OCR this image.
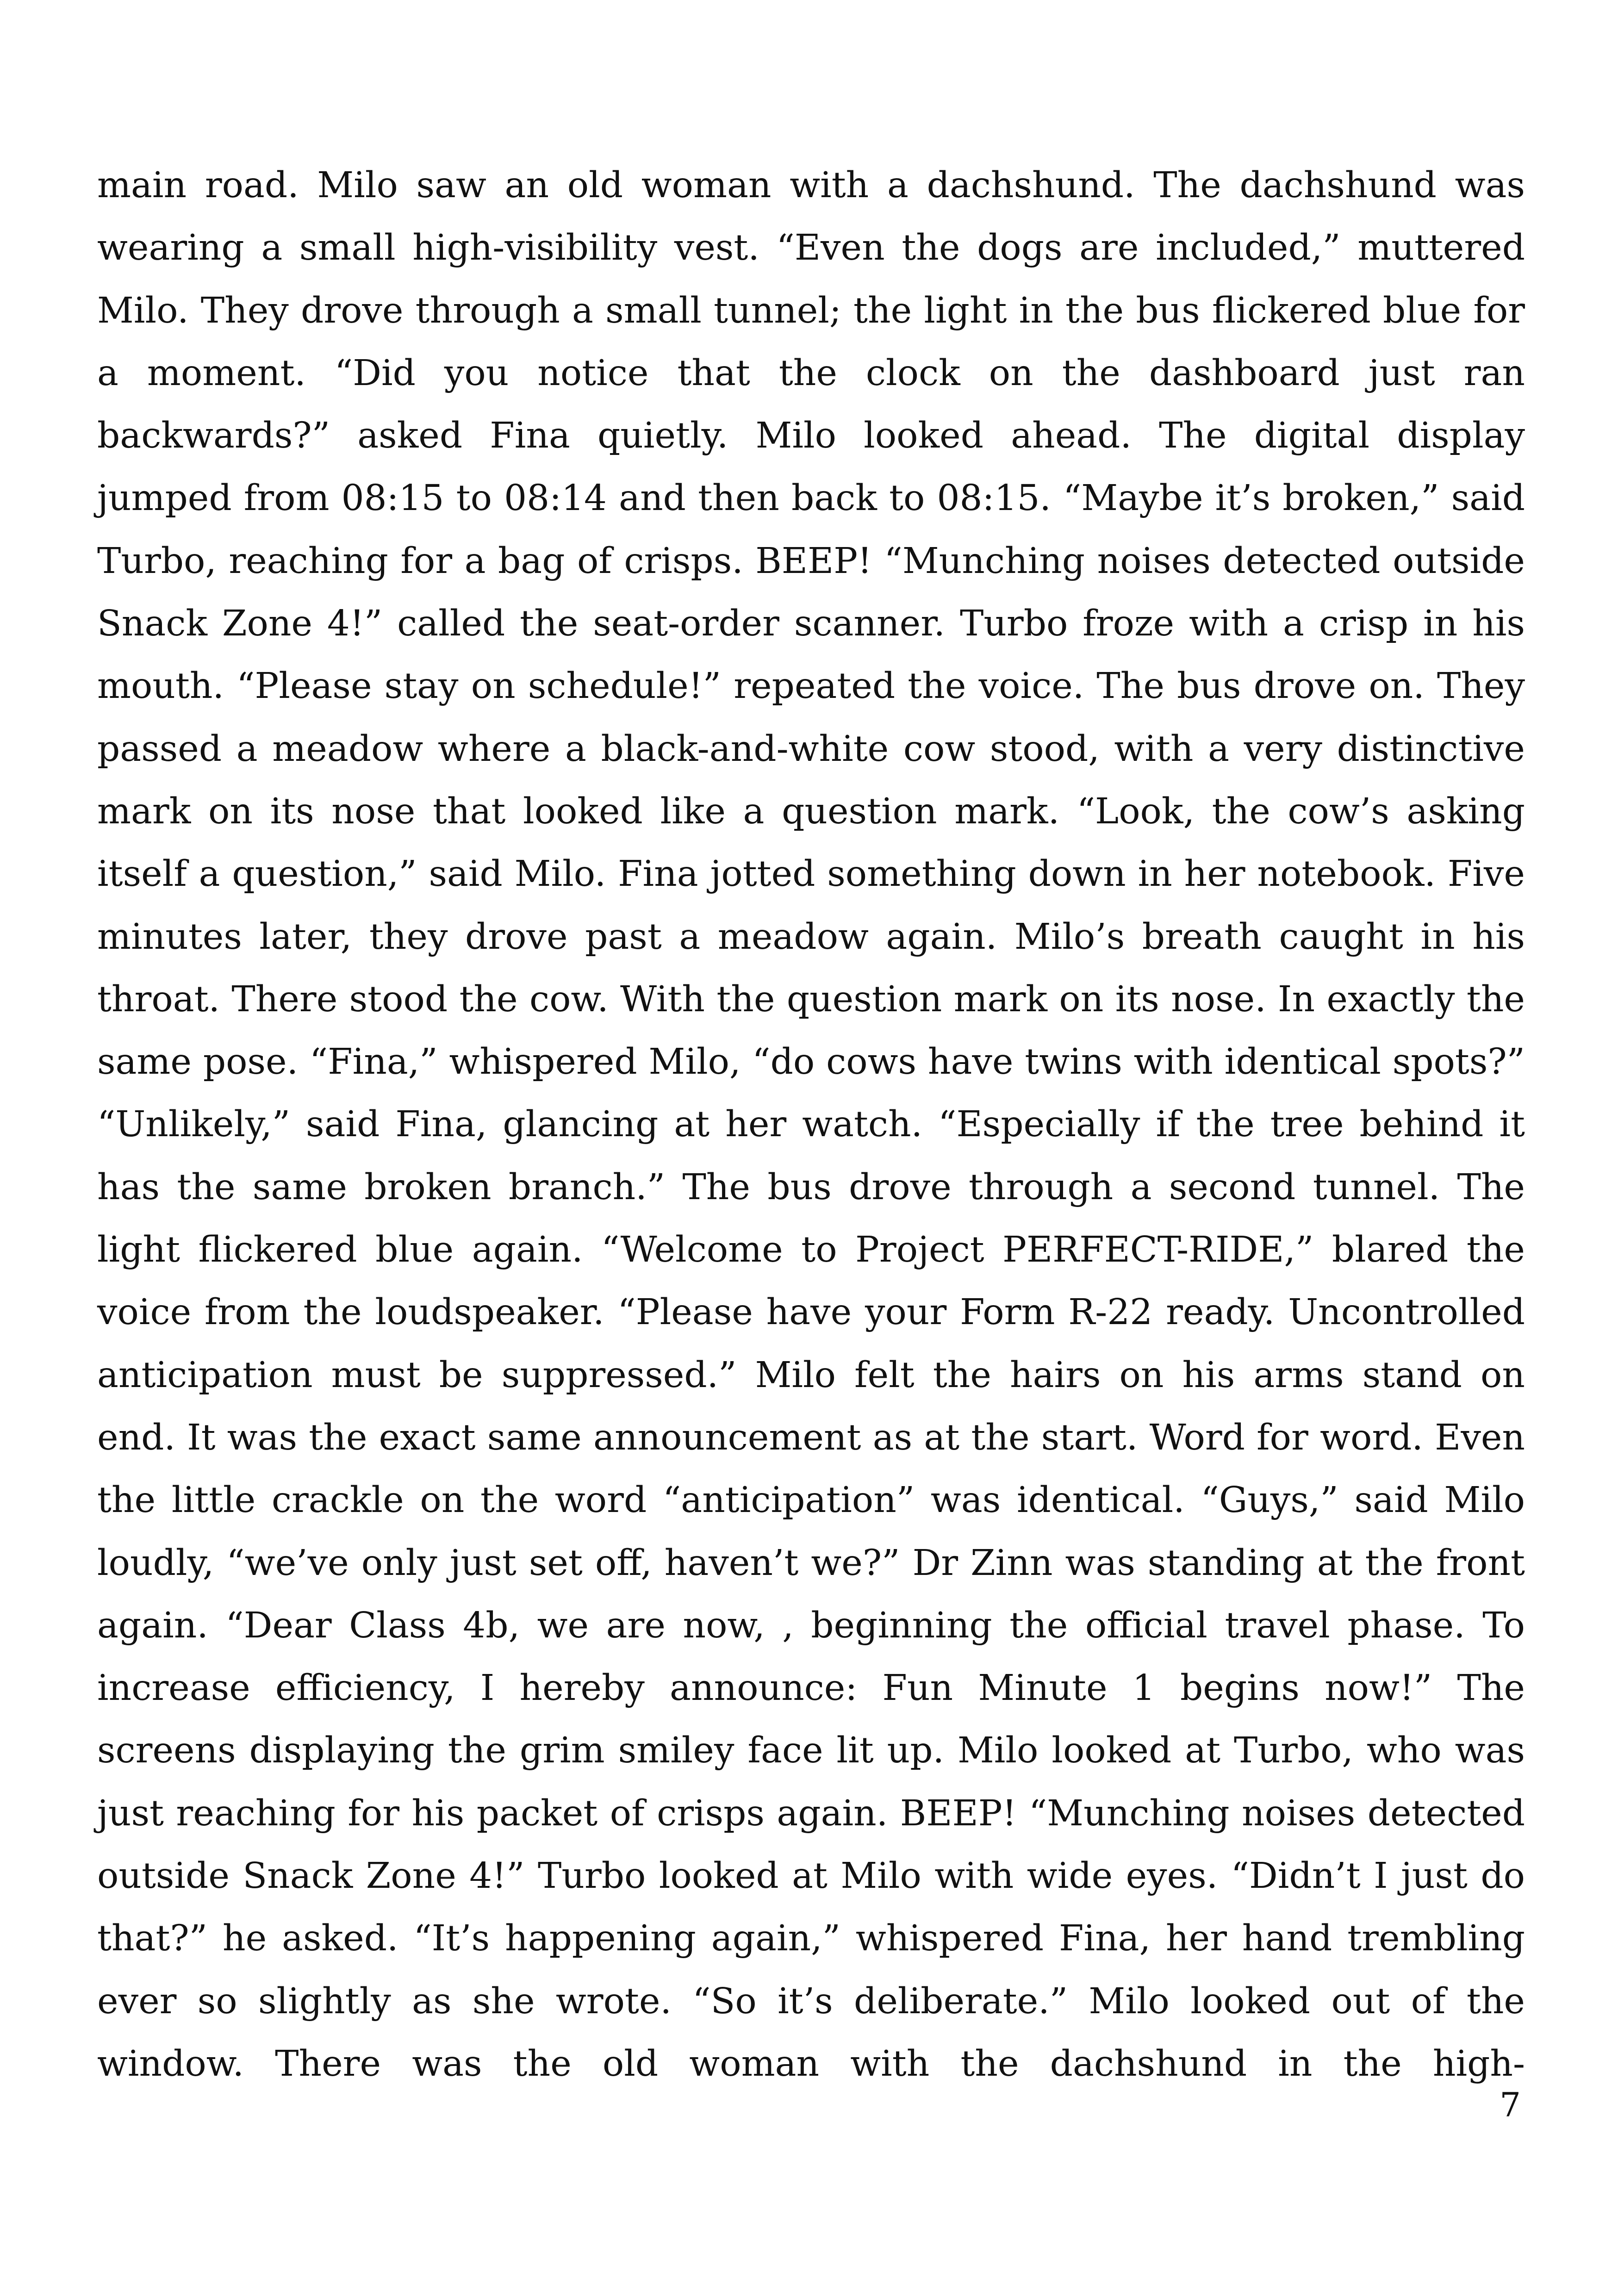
main road. Milo saw an old woman with a dachshund. The dachshund was wearing a small high-visibility vest. “Even the dogs are included,” muttered Milo. They drove through a small tunnel; the light in the bus flickered blue for a moment. “Did you notice that the clock on the dashboard just ran backwards?” asked Fina quietly. Milo looked ahead. The digital display jumped from 08:15 to 08:14 and then back to 08:15. “Maybe it’s broken,” said Turbo, reaching for a bag of crisps. BEEP! “Munching noises detected outside Snack Zone 4!” called the seat-order scanner. Turbo froze with a crisp in his mouth. “Please stay on schedule!” repeated the voice. The bus drove on. They passed a meadow where a black-and-white cow stood, with a very distinctive mark on its nose that looked like a question mark. “Look, the cow’s asking itself a question,” said Milo. Fina jotted something down in her notebook. Five minutes later, they drove past a meadow again. Milo’s breath caught in his throat. There stood the cow. With the question mark on its nose. In exactly the same pose. “Fina,” whispered Milo, “do cows have twins with identical spots?” “Unlikely,” said Fina, glancing at her watch. “Especially if the tree behind it has the same broken branch.” The bus drove through a second tunnel. The light flickered blue again. “Welcome to Project PERFECT-RIDE,” blared the voice from the loudspeaker. “Please have your Form R-22 ready. Uncontrolled anticipation must be suppressed.” Milo felt the hairs on his arms stand on end. It was the exact same announcement as at the start. Word for word. Even the little crackle on the word “anticipation” was identical. “Guys,” said Milo loudly, “we’ve only just set off, haven’t we?” Dr Zinn was standing at the front again. “Dear Class 4b, we are now, , beginning the official travel phase. To increase efficiency, I hereby announce: Fun Minute 1 begins now!” The screens displaying the grim smiley face lit up. Milo looked at Turbo, who was just reaching for his packet of crisps again. BEEP! “Munching noises detected outside Snack Zone 4!” Turbo looked at Milo with wide eyes. “Didn’t I just do that?” he asked. “It’s happening again,” whispered Fina, her hand trembling ever so slightly as she wrote. “So it’s deliberate.” Milo looked out of the window. There was the old woman with the dachshund in the high-

7
